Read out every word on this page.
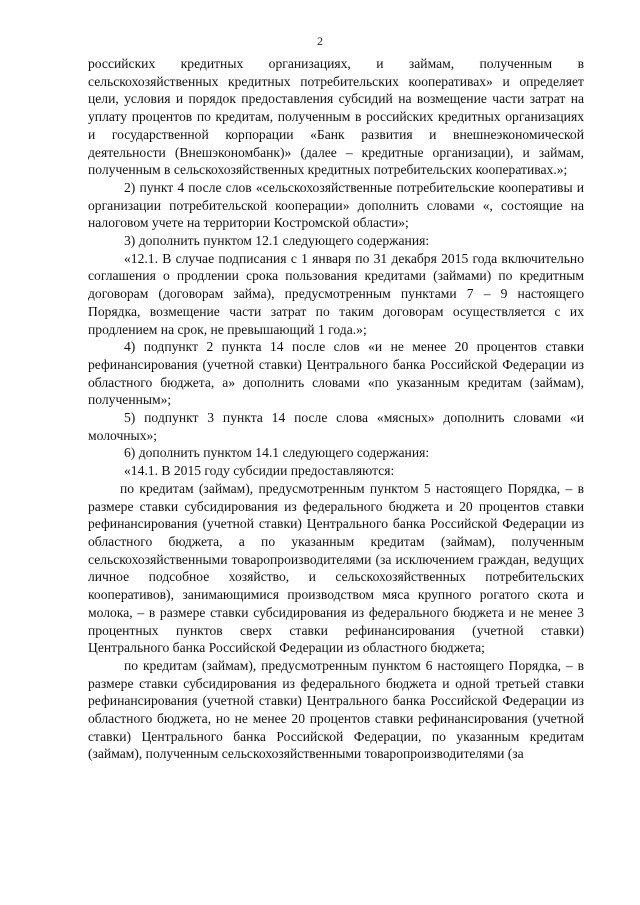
2

российских кредитных организациях, и займам, полученным в сельскохозяйственных кредитных потребительских кооперативах» и определяет цели, условия и порядок предоставления субсидий на возмещение части затрат на уплату процентов по кредитам, полученным в российских кредитных организациях и государственной корпорации «Банк развития и внешнеэкономической деятельности (Внешэкономбанк)» (далее – кредитные организации), и займам, полученным в сельскохозяйственных кредитных потребительских кооперативах.»;

2) пункт 4 после слов «сельскохозяйственные потребительские кооперативы и организации потребительской кооперации» дополнить словами «, состоящие на налоговом учете на территории Костромской области»;

3) дополнить пунктом 12.1 следующего содержания:

«12.1. В случае подписания с 1 января по 31 декабря 2015 года включительно соглашения о продлении срока пользования кредитами (займами) по кредитным договорам (договорам займа), предусмотренным пунктами 7 – 9 настоящего Порядка, возмещение части затрат по таким договорам осуществляется с их продлением на срок, не превышающий 1 года.»;

4) подпункт 2 пункта 14 после слов «и не менее 20 процентов ставки рефинансирования (учетной ставки) Центрального банка Российской Федерации из областного бюджета, а» дополнить словами «по указанным кредитам (займам), полученным»;

5) подпункт 3 пункта 14 после слова «мясных» дополнить словами «и молочных»;

6) дополнить пунктом 14.1 следующего содержания:

«14.1. В 2015 году субсидии предоставляются:

по кредитам (займам), предусмотренным пунктом 5 настоящего Порядка, – в размере ставки субсидирования из федерального бюджета и 20 процентов ставки рефинансирования (учетной ставки) Центрального банка Российской Федерации из областного бюджета, а по указанным кредитам (займам), полученным сельскохозяйственными товаропроизводителями (за исключением граждан, ведущих личное подсобное хозяйство, и сельскохозяйственных потребительских кооперативов), занимающимися производством мяса крупного рогатого скота и молока, – в размере ставки субсидирования из федерального бюджета и не менее 3 процентных пунктов сверх ставки рефинансирования (учетной ставки) Центрального банка Российской Федерации из областного бюджета;

по кредитам (займам), предусмотренным пунктом 6 настоящего Порядка, – в размере ставки субсидирования из федерального бюджета и одной третьей ставки рефинансирования (учетной ставки) Центрального банка Российской Федерации из областного бюджета, но не менее 20 процентов ставки рефинансирования (учетной ставки) Центрального банка Российской Федерации, по указанным кредитам (займам), полученным сельскохозяйственными товаропроизводителями (за
